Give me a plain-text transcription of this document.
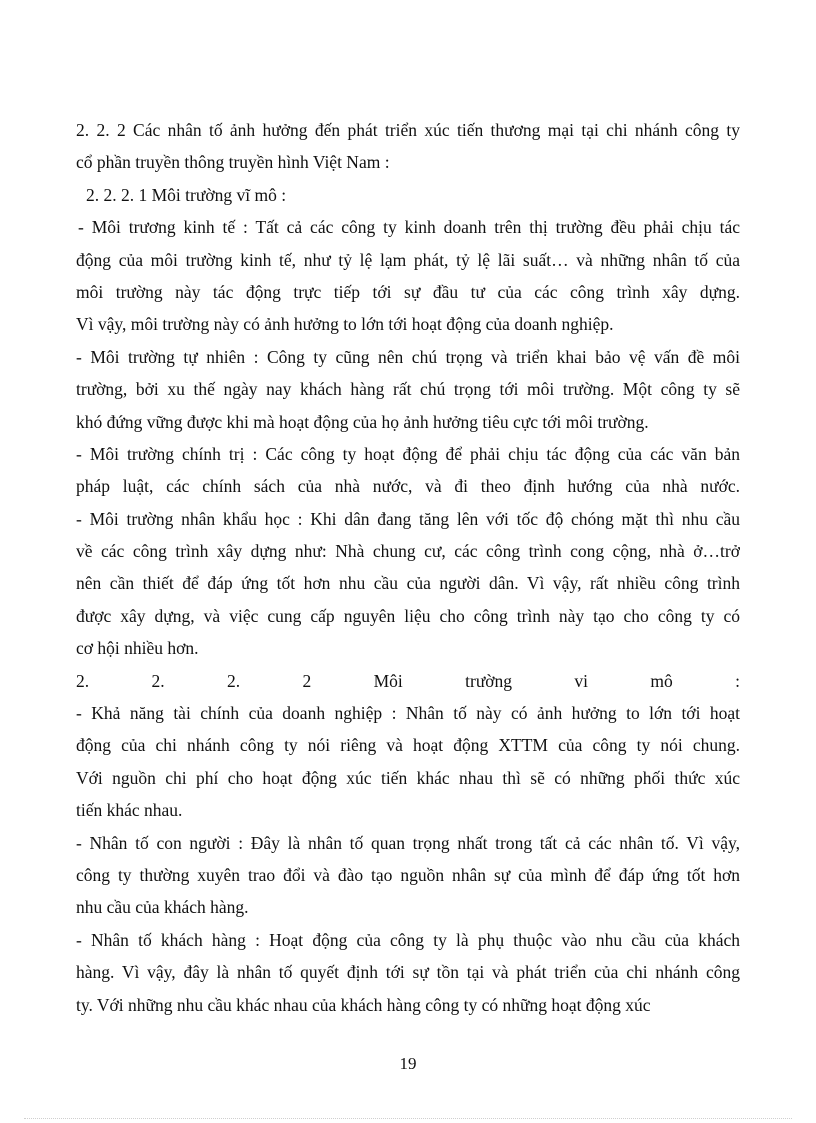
2. 2. 2 Các nhân tố ảnh hưởng đến phát triển xúc tiến thương mại tại chi nhánh công ty
cổ phần truyền thông truyền hình Việt Nam :
2. 2. 2. 1 Môi trường vĩ mô :
- Môi trương kinh tế : Tất cả các công ty kinh doanh trên thị trường đều phải chịu tác
động của môi trường kinh tế, như tỷ lệ lạm phát, tỷ lệ lãi suất… và những nhân tố của
môi trường này tác động trực tiếp tới sự đầu tư của các công trình xây dựng.
Vì vậy, môi trường này có ảnh hưởng to lớn tới hoạt động của doanh nghiệp.
- Môi trường tự nhiên : Công ty cũng nên chú trọng và triển khai bảo vệ vấn đề môi
trường, bởi xu thế ngày nay khách hàng rất chú trọng tới môi trường. Một công ty sẽ
khó đứng vững được khi mà hoạt động của họ ảnh hưởng tiêu cực tới môi trường.
- Môi trường chính trị : Các công ty hoạt động để phải chịu tác động của các văn bản
pháp luật, các chính sách của nhà nước, và đi theo định hướng của nhà nước.
- Môi trường nhân khẩu học : Khi dân đang tăng lên với tốc độ chóng mặt thì nhu cầu
về các công trình xây dựng như: Nhà chung cư, các công trình cong cộng, nhà ở…trở
nên cần thiết để đáp ứng tốt hơn nhu cầu của người dân. Vì vậy, rất nhiều công trình
được xây dựng, và việc cung cấp nguyên liệu cho công trình này tạo cho công ty có
cơ hội nhiều hơn.
2. 2. 2. 2 Môi trường vi mô :
- Khả năng tài chính của doanh nghiệp : Nhân tố này có ảnh hưởng to lớn tới hoạt
động của chi nhánh công ty nói riêng và hoạt động XTTM của công ty nói chung.
Với nguồn chi phí cho hoạt động xúc tiến khác nhau thì sẽ có những phối thức xúc
tiến khác nhau.
- Nhân tố con người : Đây là nhân tố quan trọng nhất trong tất cả các nhân tố. Vì vậy,
công ty thường xuyên trao đổi và đào tạo nguồn nhân sự của mình để đáp ứng tốt hơn
nhu cầu của khách hàng.
- Nhân tố khách hàng : Hoạt động của công ty là phụ thuộc vào nhu cầu của khách
hàng. Vì vậy, đây là nhân tố quyết định tới sự tồn tại và phát triển của chi nhánh công
ty. Với những nhu cầu khác nhau của khách hàng công ty có những hoạt động xúc
19
